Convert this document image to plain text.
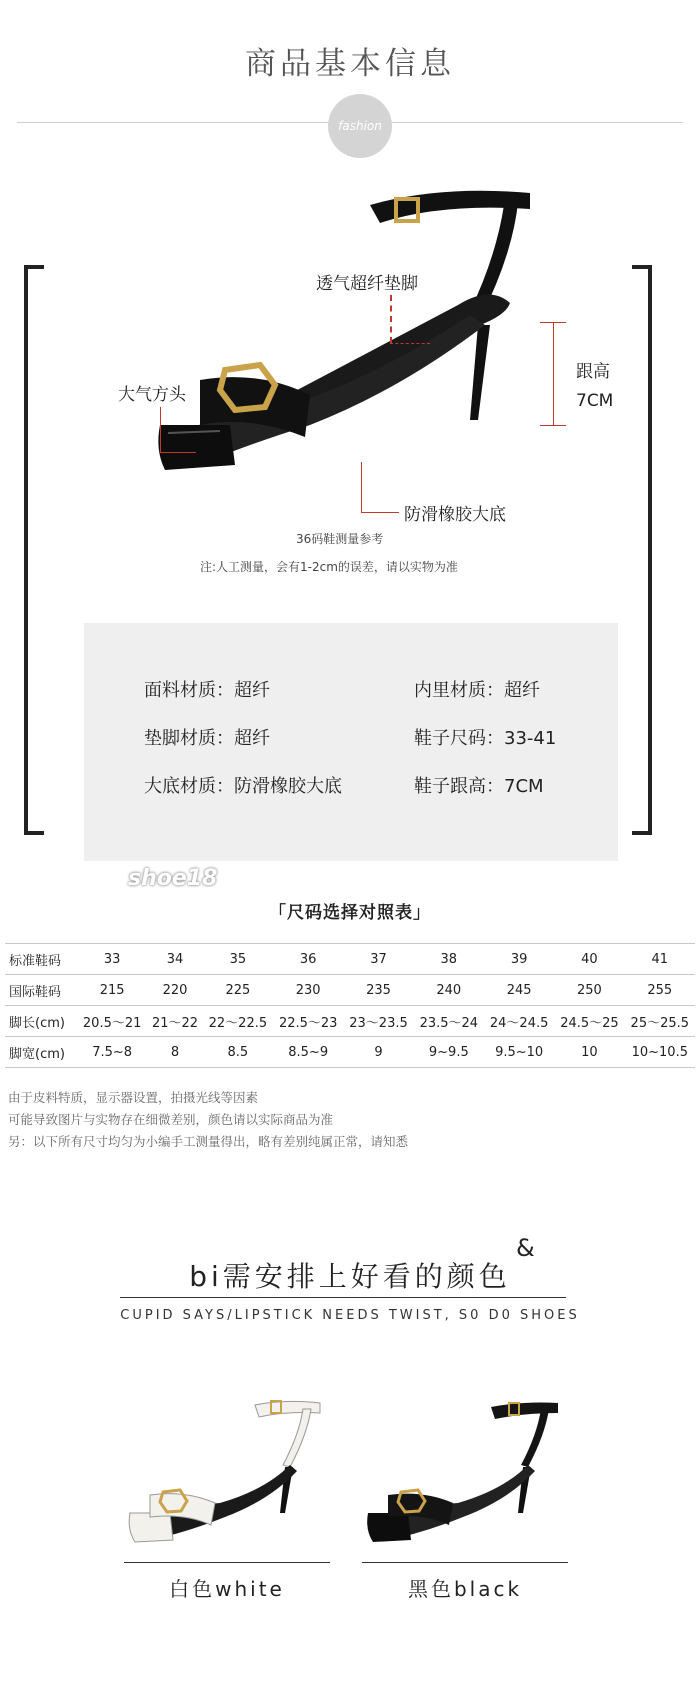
商品基本信息
fashion
透气超纤垫脚
大气方头
跟高
7CM
防滑橡胶大底
36码鞋测量参考
注:人工测量，会有1-2cm的误差，请以实物为准
面料材质：超纤	内里材质：超纤
垫脚材质：超纤	鞋子尺码：33-41
大底材质：防滑橡胶大底	鞋子跟高：7CM
shoe18
「尺码选择对照表」
标准鞋码	33	34	35	36	37	38	39	40	41
国际鞋码	215	220	225	230	235	240	245	250	255
脚长(cm)	20.5～21	21～22	22～22.5	22.5～23	23～23.5	23.5～24	24～24.5	24.5～25	25～25.5
脚宽(cm)	7.5~8	8	8.5	8.5~9	9	9~9.5	9.5~10	10	10~10.5
由于皮料特质，显示器设置，拍摄光线等因素
可能导致图片与实物存在细微差别，颜色请以实际商品为准
另：以下所有尺寸均匀为小编手工测量得出，略有差别纯属正常，请知悉
bi需安排上好看的颜色
&
CUPID SAYS/LIPSTICK NEEDS TWIST, S0 D0 SHOES
白色white	黑色black
